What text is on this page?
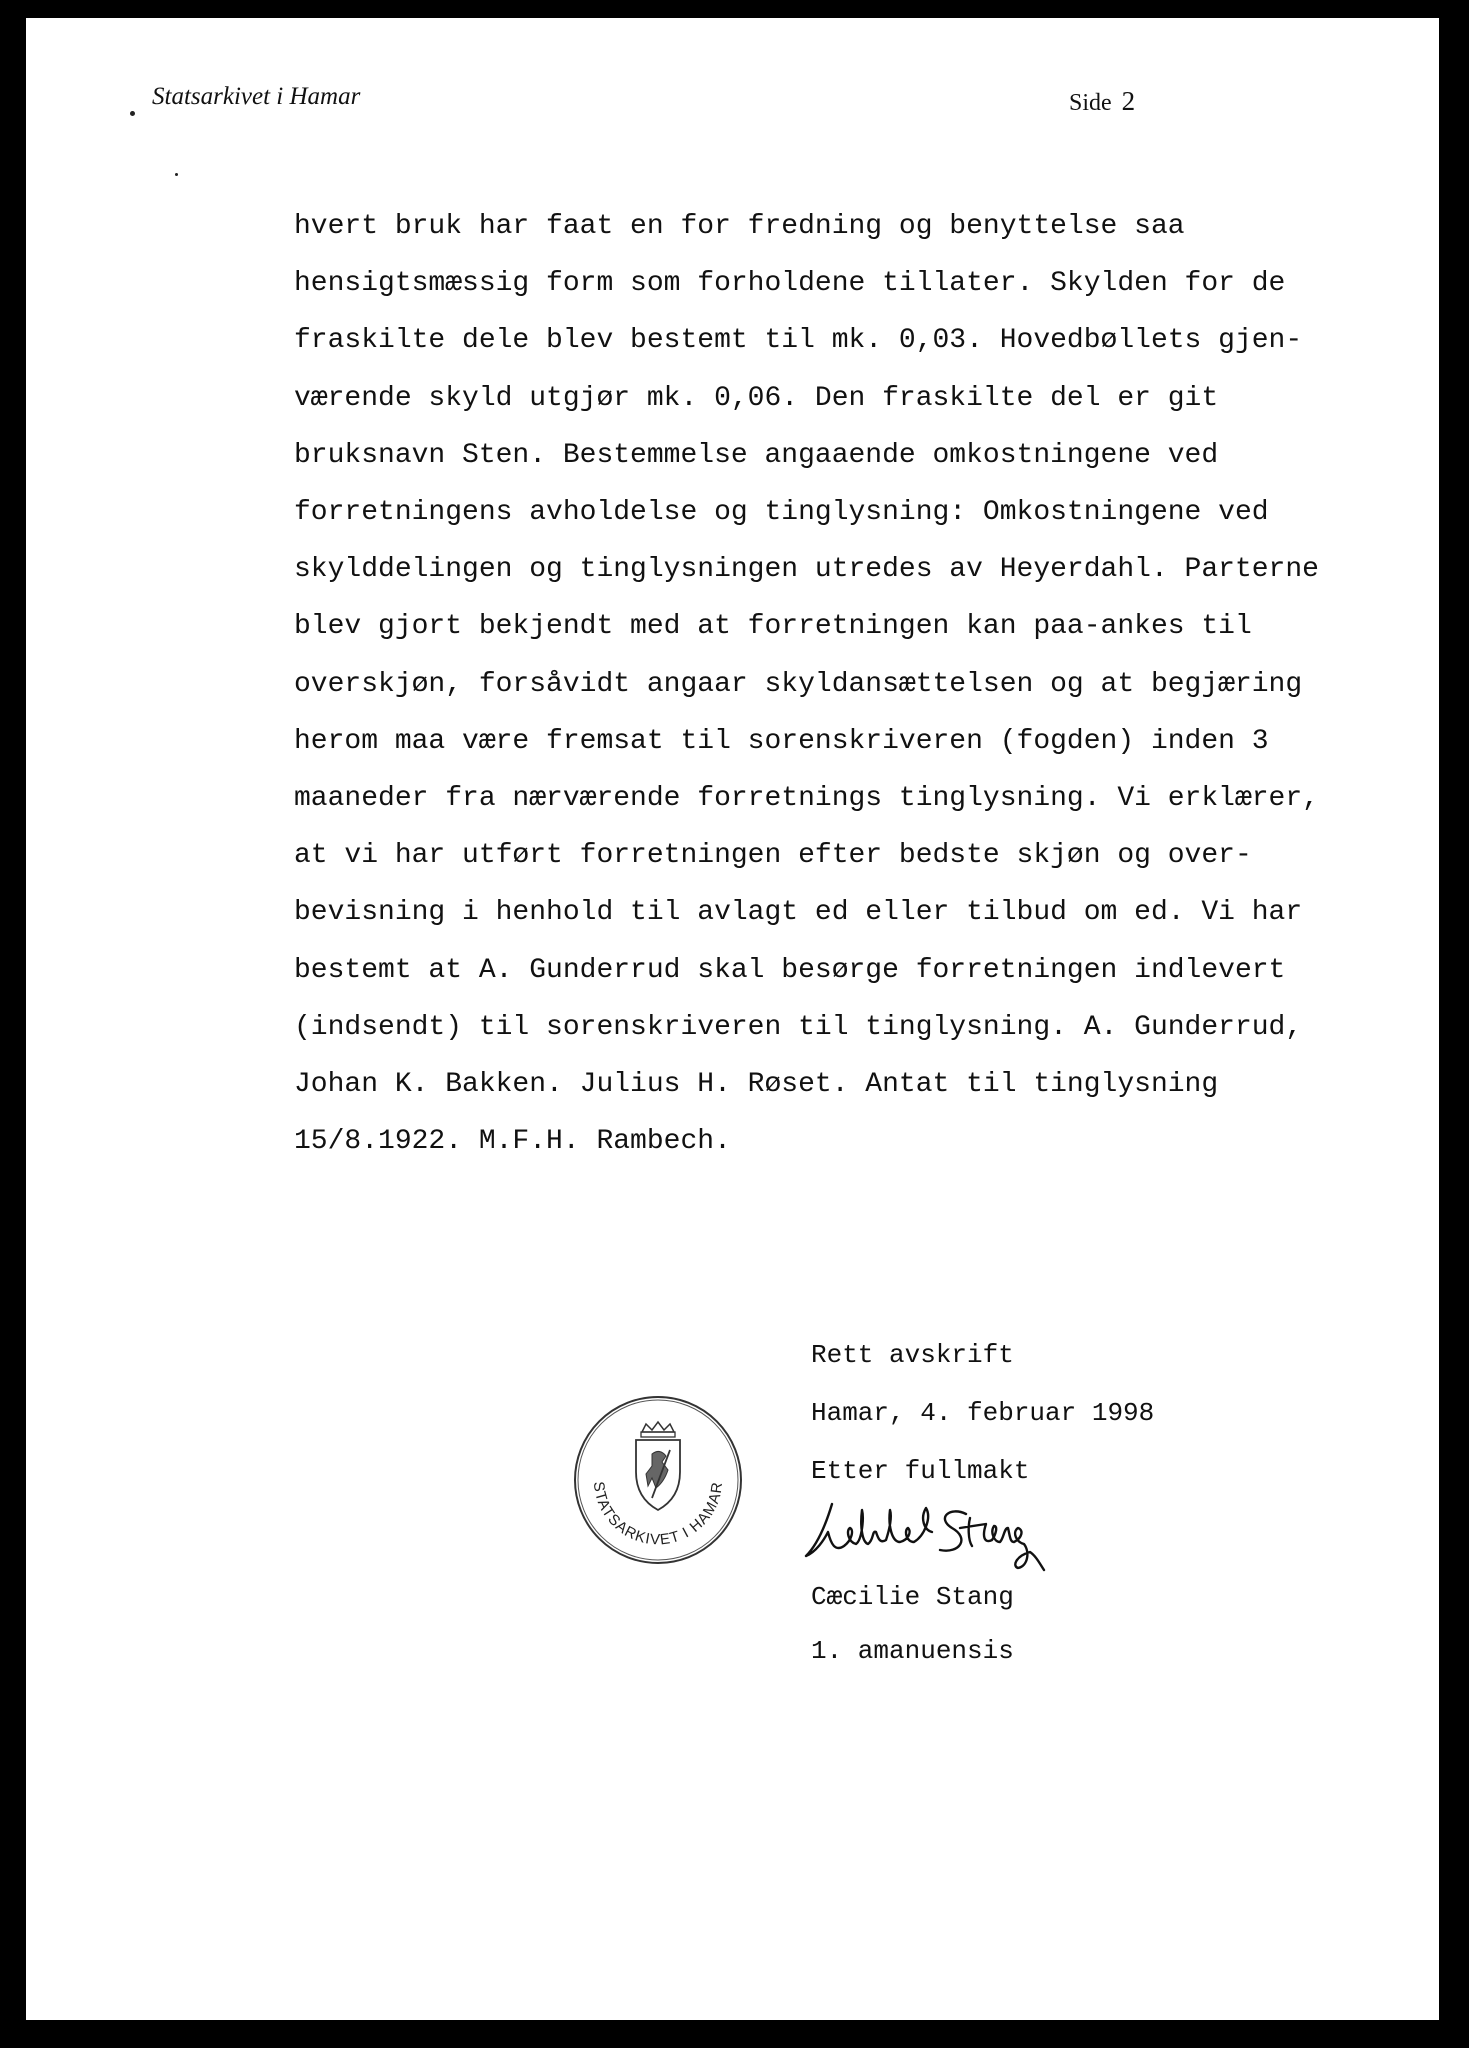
Statsarkivet i Hamar	Side 2
hvert bruk har faat en for fredning og benyttelse saa
hensigtsmæssig form som forholdene tillater. Skylden for de
fraskilte dele blev bestemt til mk. 0,03. Hovedbøllets gjen-
værende skyld utgjør mk. 0,06. Den fraskilte del er git
bruksnavn Sten. Bestemmelse angaaende omkostningene ved
forretningens avholdelse og tinglysning: Omkostningene ved
skylddelingen og tinglysningen utredes av Heyerdahl. Parterne
blev gjort bekjendt med at forretningen kan paa-ankes til
overskjøn, forsåvidt angaar skyldansættelsen og at begjæring
herom maa være fremsat til sorenskriveren (fogden) inden 3
maaneder fra nærværende forretnings tinglysning. Vi erklærer,
at vi har utført forretningen efter bedste skjøn og over-
bevisning i henhold til avlagt ed eller tilbud om ed. Vi har
bestemt at A. Gunderrud skal besørge forretningen indlevert
(indsendt) til sorenskriveren til tinglysning. A. Gunderrud,
Johan K. Bakken. Julius H. Røset. Antat til tinglysning
15/8.1922. M.F.H. Rambech.
Rett avskrift
Hamar, 4. februar 1998
Etter fullmakt
Cæcilie Stang
1. amanuensis
STATSARKIVET I HAMAR
